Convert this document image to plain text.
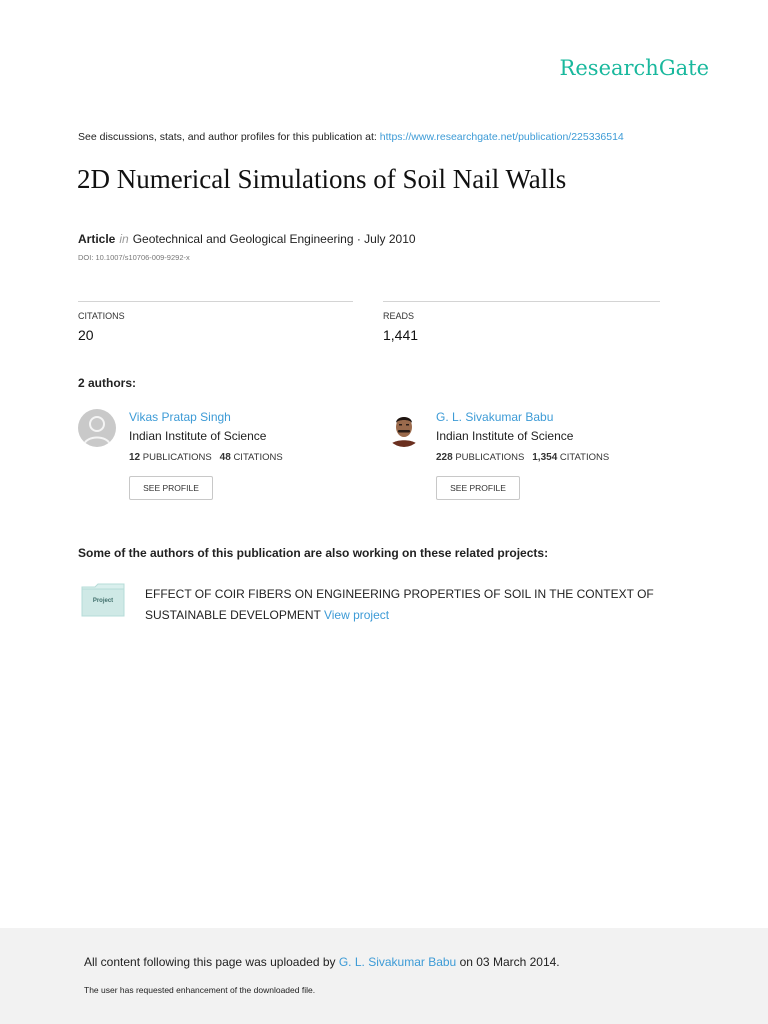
ResearchGate
See discussions, stats, and author profiles for this publication at: https://www.researchgate.net/publication/225336514
2D Numerical Simulations of Soil Nail Walls
Article in Geotechnical and Geological Engineering · July 2010
DOI: 10.1007/s10706-009-9292-x
CITATIONS
20
READS
1,441
2 authors:
Vikas Pratap Singh
Indian Institute of Science
12 PUBLICATIONS 48 CITATIONS
SEE PROFILE
G. L. Sivakumar Babu
Indian Institute of Science
228 PUBLICATIONS 1,354 CITATIONS
SEE PROFILE
Some of the authors of this publication are also working on these related projects:
Project	EFFECT OF COIR FIBERS ON ENGINEERING PROPERTIES OF SOIL IN THE CONTEXT OF SUSTAINABLE DEVELOPMENT View project
All content following this page was uploaded by G. L. Sivakumar Babu on 03 March 2014.
The user has requested enhancement of the downloaded file.
